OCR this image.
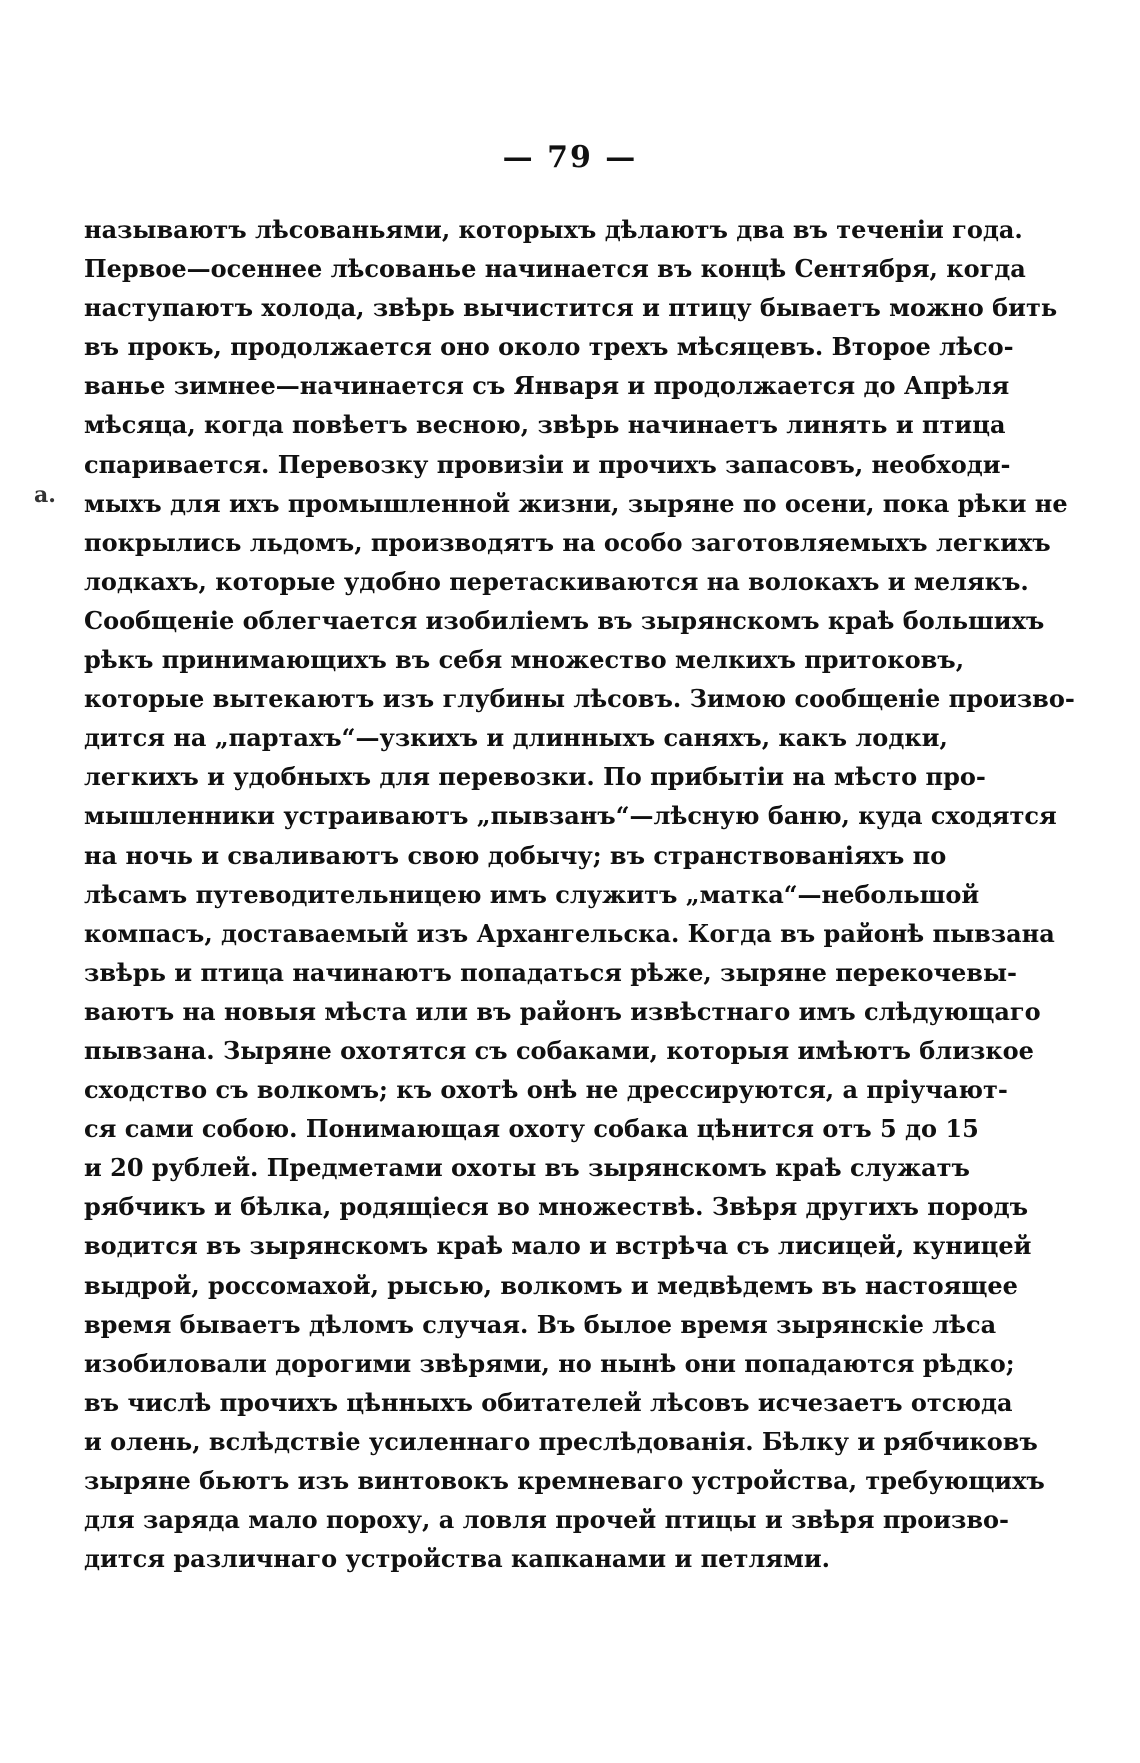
— 79 —
а.
называютъ лѣсованьями, которыхъ дѣлаютъ два въ теченіи года.
Первое—осеннее лѣсованье начинается въ концѣ Сентября, когда
наступаютъ холода, звѣрь вычистится и птицу бываетъ можно бить
въ прокъ, продолжается оно около трехъ мѣсяцевъ. Второе лѣсо-
ванье зимнее—начинается съ Января и продолжается до Апрѣля
мѣсяца, когда повѣетъ весною, звѣрь начинаетъ линять и птица
спаривается. Перевозку провизіи и прочихъ запасовъ, необходи-
мыхъ для ихъ промышленной жизни, зыряне по осени, пока рѣки не
покрылись льдомъ, производятъ на особо заготовляемыхъ легкихъ
лодкахъ, которые удобно перетаскиваются на волокахъ и мелякъ.
Сообщеніе облегчается изобиліемъ въ зырянскомъ краѣ большихъ
рѣкъ принимающихъ въ себя множество мелкихъ притоковъ,
которые вытекаютъ изъ глубины лѣсовъ. Зимою сообщеніе произво-
дится на „партахъ“—узкихъ и длинныхъ саняхъ, какъ лодки,
легкихъ и удобныхъ для перевозки. По прибытіи на мѣсто про-
мышленники устраиваютъ „пывзанъ“—лѣсную баню, куда сходятся
на ночь и сваливаютъ свою добычу; въ странствованіяхъ по
лѣсамъ путеводительницею имъ служитъ „матка“—небольшой
компасъ, доставаемый изъ Архангельска. Когда въ районѣ пывзана
звѣрь и птица начинаютъ попадаться рѣже, зыряне перекочевы-
ваютъ на новыя мѣста или въ районъ извѣстнаго имъ слѣдующаго
пывзана. Зыряне охотятся съ собаками, которыя имѣютъ близкое
сходство съ волкомъ; къ охотѣ онѣ не дрессируются, а пріучают-
ся сами собою. Понимающая охоту собака цѣнится отъ 5 до 15
и 20 рублей. Предметами охоты въ зырянскомъ краѣ служатъ
рябчикъ и бѣлка, родящіеся во множествѣ. Звѣря другихъ породъ
водится въ зырянскомъ краѣ мало и встрѣча съ лисицей, куницей
выдрой, россомахой, рысью, волкомъ и медвѣдемъ въ настоящее
время бываетъ дѣломъ случая. Въ былое время зырянскіе лѣса
изобиловали дорогими звѣрями, но нынѣ они попадаются рѣдко;
въ числѣ прочихъ цѣнныхъ обитателей лѣсовъ исчезаетъ отсюда
и олень, вслѣдствіе усиленнаго преслѣдованія. Бѣлку и рябчиковъ
зыряне бьютъ изъ винтовокъ кремневаго устройства, требующихъ
для заряда мало пороху, а ловля прочей птицы и звѣря произво-
дится различнаго устройства капканами и петлями.
